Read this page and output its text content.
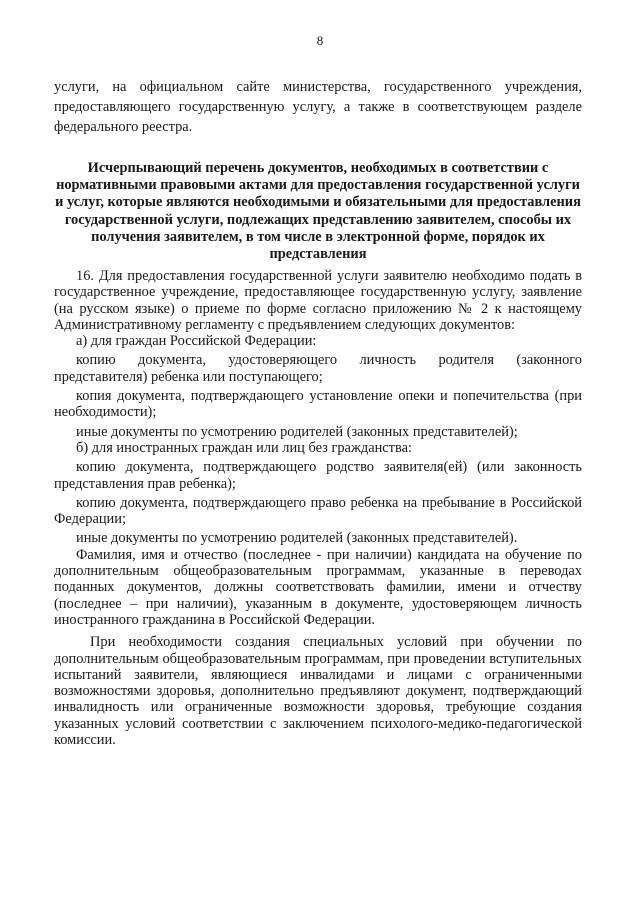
8

услуги, на официальном сайте министерства, государственного учреждения, предоставляющего государственную услугу, а также в соответствующем разделе федерального реестра.

Исчерпывающий перечень документов, необходимых в соответствии с нормативными правовыми актами для предоставления государственной услуги и услуг, которые являются необходимыми и обязательными для предоставления государственной услуги, подлежащих представлению заявителем, способы их получения заявителем, в том числе в электронной форме, порядок их представления

16. Для предоставления государственной услуги заявителю необходимо подать в государственное учреждение, предоставляющее государственную услугу, заявление (на русском языке) о приеме по форме согласно приложению № 2 к настоящему Административному регламенту с предъявлением следующих документов:

а) для граждан Российской Федерации:

копию документа, удостоверяющего личность родителя (законного представителя) ребенка или поступающего;

копия документа, подтверждающего установление опеки и попечительства (при необходимости);

иные документы по усмотрению родителей (законных представителей);

б) для иностранных граждан или лиц без гражданства:

копию документа, подтверждающего родство заявителя(ей) (или законность представления прав ребенка);

копию документа, подтверждающего право ребенка на пребывание в Российской Федерации;

иные документы по усмотрению родителей (законных представителей).

Фамилия, имя и отчество (последнее - при наличии) кандидата на обучение по дополнительным общеобразовательным программам, указанные в переводах поданных документов, должны соответствовать фамилии, имени и отчеству (последнее – при наличии), указанным в документе, удостоверяющем личность иностранного гражданина в Российской Федерации.

При необходимости создания специальных условий при обучении по дополнительным общеобразовательным программам, при проведении вступительных испытаний заявители, являющиеся инвалидами и лицами с ограниченными возможностями здоровья, дополнительно предъявляют документ, подтверждающий инвалидность или ограниченные возможности здоровья, требующие создания указанных условий соответствии с заключением психолого-медико-педагогической комиссии.
